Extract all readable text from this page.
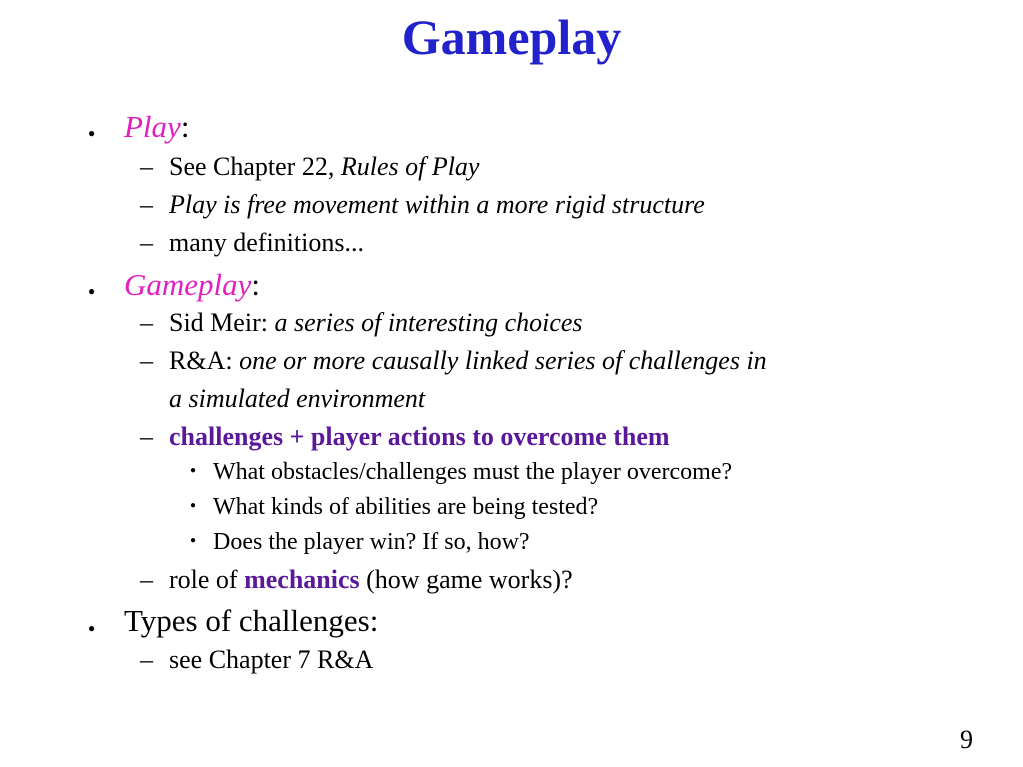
Gameplay
● Play:
– See Chapter 22, Rules of Play
– Play is free movement within a more rigid structure
– many definitions...
● Gameplay:
– Sid Meir: a series of interesting choices
– R&A: one or more causally linked series of challenges in
a simulated environment
– challenges + player actions to overcome them
● What obstacles/challenges must the player overcome?
● What kinds of abilities are being tested?
● Does the player win? If so, how?
– role of mechanics (how game works)?
● Types of challenges:
– see Chapter 7 R&A
9
